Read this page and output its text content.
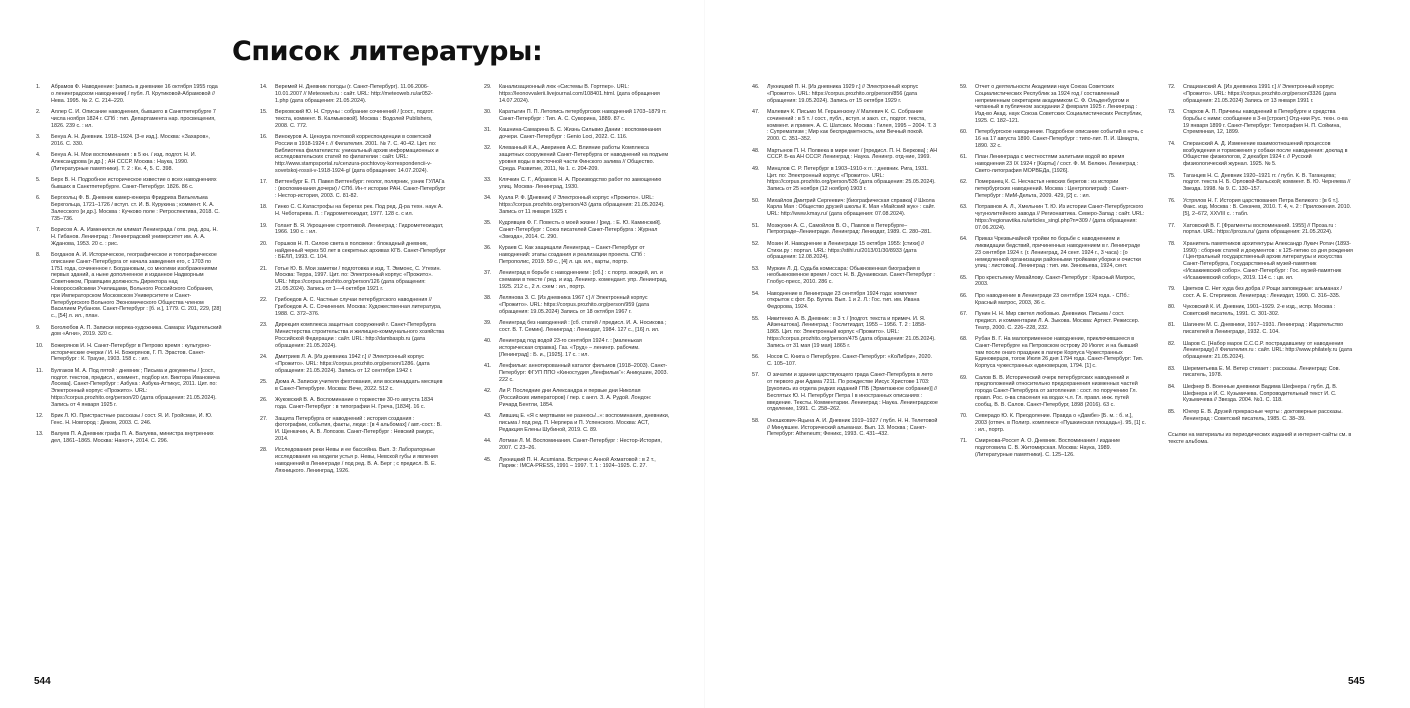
Список литературы:
1. Абрамов Ф. Наводнение: [запись в дневнике 16 октября 1955 года о ленинградском наводнении] / публ. Л. Крутиковой-Абрамовой // Нева. 1995. № 2. С. 214–220.
2. Аллер С. И. Описание наводнения, бывшего в Санктпетербурге 7 числа ноября 1824 г. СПб : тип. Департамента нар. просвещения, 1826. 239 с. : ил.
3. Бенуа А. Н. Дневник. 1918–1924. [3-е изд.]. Москва: «Захаров», 2016. С. 330.
4. Бенуа А. Н. Мои воспоминания : в 5 кн. / изд. подгот. Н. И. Александрова [и др.] ; АН СССР. Москва : Наука, 1990. (Литературные памятники). Т. 2 : Кн. 4, 5. С. 398.
5. Берх В. Н. Подробное историческое известие о всех наводнениях бывших в Санктпетербурге. Санкт-Петербург. 1826. 86 с.
6. Бергхольц Ф. В. Дневник камер-юнкера Фридриха Вильгельма Берхгольца, 1721–1726 / вступ. ст. И. В. Курукина ; коммент. К. А. Залесского [и др.]. Москва : Кучково поле : Ретроспектива, 2018. С. 735–736.
7. Борисов А. А. Изменился ли климат Ленинграда / отв. ред. доц. Н. Н. Гибанов. Ленинград : Ленинградский университет им. А. А. Жданова, 1953. 20 с. : рис.
8. Богданов А. И. Историческое, географическое и топографическое описание Санкт-Петербурга от начала заведения его, с 1703 по 1751 года, сочиненное г. Богдановым, со многими изображениями первых зданий, а ныне дополненное и изданное Надворным Советником, Правящим должность Директора над Новороссийскими Училищами, Вольного Российского Собрания, при Императорском Московском Университете и Санкт-Петербургского Вольного Экономического Общества членом Василием Рубаном. Санкт-Петербург : [б. и.], 1779. С. 201, 229, [28] с., [54] л. ил., план.
9. Боголюбов А. П. Записки моряка-художника. Самара: Издательский дом «Агни», 2019. 320 с.
10. Божерянов И. Н. Санкт-Петербург в Петрово время : культурно-исторические очерки / И. Н. Божерянов, Г. П. Эрастов. Санкт-Петербург : К. Траузе, 1903. 158 с. : ил.
11. Булгаков М. А. Под пятой : дневник ; Письма и документы / [сост., подгот. текстов, предисл., коммент., подбор ил. Виктора Ивановича Лосева]. Санкт-Петербург : Азбука : Азбука-Аттикус, 2011. Цит. по: Электронный корпус «Прожито». URL: https://corpus.prozhito.org/person/20 (дата обращения: 21.05.2024). Запись от 4 января 1925 г.
12. Брик Л. Ю. Пристрастные рассказы / сост. Я. И. Гройсман, И. Ю. Генс. Н. Новгород : Деком, 2003. С. 246.
13. Валуев П. А.Дневник графа П. А. Валуева, министра внутренних дел, 1861–1865. Москва: Нанот+, 2014. С. 296.
14. Веремей Н. Дневник погоды (г. Санкт-Петербург). 11.06.2006-10.01.2007 // Meteoweb.ru : сайт. URL: http://meteoweb.ru/ar052-1.php (дата обращения: 21.05.2024).
15. Верховский Ю. Н. Струны : собрание сочинений / [сост., подгот. текста, коммент. В. Калмыковой]. Москва : Водолей Publishers, 2008. С. 772.
16. Винокуров А. Цензура почтовой корреспонденции в советской России в 1918-1924 г. // Филателия. 2001. № 7. С. 40-42. Цит. по: Библиотека филателиста: уникальный архив информационных и исследовательских статей по филателии : сайт. URL: http://www.stampsportal.ru/cenzura-pochtovoy-korrespondencii-v-sovetskoj-rossii-v-1918-1924-g/ (дата обращения: 14.07.2024).
17. Виттенбург Е. П. Павел Виттенбург: геолог, полярник, узник ГУЛАГа : (воспоминания дочери) / СПб. Ин-т истории РАН. Санкт-Петербург : Нестор-история, 2003. С. 81-82.
18. Гинко С. С.Катастрофы на берегах рек. Под ред. Д-ра техн. наук А. Н. Чеботарева. Л. : Гидрометеоиздат, 1977. 128 с. с ил.
19. Голант В. Я. Укрощение строптивой. Ленинград : Гидрометеоиздат, 1966. 190 с. : ил.
20. Горшков Н. П. Силою света в полсвеки : блокадный дневник, найденный через 50 лет в секретных архивах КГБ. Санкт-Петербург : БЕЛЛ, 1993. С. 104.
21. Готье Ю. В. Мои заметки / подготовка и изд. Т. Эммонс, С. Утехин. Москва: Терра, 1997. Цит. по: Электронный корпус «Прожито». URL: https://corpus.prozhito.org/person/126 (дата обращения: 21.05.2024). Запись от 1—4 октября 1921 г.
22. Грибоедов А. С. Частные случаи петербургского наводнения // Грибоедов А. С. Сочинения. Москва: Художественная литература, 1988. С. 372–376.
23. Дирекция комплекса защитных сооружений г. Санкт-Петербурга Министерства строительства и жилищно-коммунального хозяйства Российской Федерации : сайт. URL: http://dambaspb.ru (дата обращения: 21.05.2024).
24. Дмитриев Л. А. [Из дневника 1942 г.] // Электронный корпус «Прожито». URL: https://corpus.prozhito.org/person/1286. (дата обращения: 21.05.2024). Запись от 12 сентября 1942 г.
25. Дюма А. Записки учителя фехтования, или восемнадцать месяцев в Санкт-Петербурге. Москва: Вече, 2022. 512 с.
26. Жуковский В. А. Воспоминание о торжестве 30-го августа 1834 года. Санкт-Петербург : в типографии Н. Греча, [1834]. 16 с.
27. Защита Петербурга от наводнений : история создания : фотографии, события, факты, люди : [в 4 альбомах] / авт.-сост.: В. И. Щенкачин, А. В. Лопозов. Санкт-Петербург : Невский ракурс, 2014.
28. Исследования реки Невы и ее бассейна. Вып. 3: Лабораторные исследования на модели устья р. Невы, Невской губы и явления наводнений в Ленинграде / под ред. В. А. Берг ; с предисл. В. Е. Ляхницкого. Ленинград, 1926.
29. Канализационный люк «Системы В. Гортпер». URL: https://leonovvalerii.livejournal.com/108401.html. (дата обращения 14.07.2024).
30. Каратыгин П. П. Летопись петербургских наводнений 1703–1879 гг. Санкт-Петербург : Тип. А. С. Суворина, 1889. 87 с.
31. Кашнина-Самарина Б. С. Жизнь Сильвио Дании : воспоминания дочери. Санкт-Петербург : Genio Loci, 2022. С. 116.
32. Клеванный К.А., Аверинев А.С. Влияние работы Комплекса защитных сооружений Санкт-Петербурга от наводнений на подъем уровня воды в восточной части Финского залива // Общество. Среда. Развитие, 2011, № 1. с. 204-209.
33. Клячкин С. Г., Абрамов Н. А. Производство работ по замощению улиц. Москва- Ленинград, 1930.
34. Кузла Р. Ф. [Дневник] // Электронный корпус «Прожито». URL: https://corpus.prozhito.org/person/43 (дата обращения: 21.05.2024). Запись от 11 января 1925 г.
35. Кудрявцев Ф. Г. Повесть о моей жизни / [ред. : Е. Ю. Каминский]. Санкт-Петербург : Союз писателей Санкт-Петербурга : Журнал «Звезда», 2014. С. 290.
36. Кураев С. Как защищали Ленинград – Санкт-Петербург от наводнений: этапы создания и реализации проекта. СПб : Петрополис, 2019. 59 с., [4] л. цв. ил., карты, портр.
37. Ленинград в борьбе с наводнением : [сб.] : с портр. вождей, ил. и схемами в тексте / ред. и изд. Ленингр. комендант. упр. Ленинград, 1925. 212 с., 2 л. схем : ил., портр.
38. Лелянова З. С. [Из дневника 1967 г.] // Электронный корпус «Прожито». URL: https://corpus.prozhito.org/person/959 (дата обращения: 19.05.2024) Запись от 18 октября 1967 г.
39. Ленинград без наводнений : [сб. статей / предисл. И. А. Носикова ; сост. В. Т. Семин]. Ленинград : Лениздат, 1984. 127 с., [16] л. ил.
40. Ленинград под водой 23-го сентября 1924 г. : [маленькая историческая справка]. Газ. «Труд» – ленингр. рабочим. [Ленинград] : Б. и., [1925]. 17 с. : ил.
41. Ленфильм: аннотированный каталог фильмов (1918–2003). Санкт-Петербург: ФГУП ППО «Киностудия „Ленфильм“»: Аникушин, 2003. 222 с.
42. Ли Р. Последние дни Александра и первые дни Николая (Российских императоров) / пер. с англ. З. А. Рудой. Лондон: Ричард Бентли, 1854.
43. Лившиц Е. «Я с мертвыми не разнюсь!..»: воспоминания, дневники, письма / под ред. П. Нерлера и П. Успенского. Москва: АСТ, Редакция Елены Шубиной, 2019. С. 89.
44. Лотман Л. М. Воспоминания. Санкт-Петербург : Нестор-История, 2007. С 23–26.
45. Лукницкий П. Н. Acumiana. Встречи с Анной Ахматовой : в 2 т., Париж : IMCA-PRESS, 1991 – 1997. Т. 1 : 1924–1925. С. 27.
46. Лукницкий П. Н. [Из дневника 1929 г.] // Электронный корпус «Прожито». URL: https://corpus.prozhito.org/person/856 (дата обращения: 19.05.2024). Запись от 15 октября 1929 г.
47. Малевич К. Письмо М. Гершензону // Малевич К. С. Собрание сочинений : в 5 т. / сост., публ., вступ. и закл. ст., подгот. текста, коммент. и примеч. А. С. Шатских. Москва : Гилея, 1995 – 2004. Т. 3 : Супрематизм ; Мир как беспредметность, или Вечный покой. 2000. С. 351–352.
48. Мартынов П. Н. Полвека в мире книг / [предисл. П. Н. Беркова] ; АН СССР. Б-ка АН СССР. Ленинград : Наука. Ленингр. отд-ние, 1969.
49. Минцлов С. Р. Петербург в 1903–1910-х гг. : дневник. Рига, 1931. Цит. по: Электронный корпус «Прожито». URL: https://corpus.prozhito.org/person/535 (дата обращения: 25.05.2024). Запись от 25 ноября (12 ноября) 1903 г.
50. Михайлов Дмитрий Сергеевич: [биографическая справка] // Школа Карла Мая : Общество друзей школы К. Мая «Майский жук» : сайт. URL: http://www.kmay.ru/ (дата обращения: 07.08.2024).
51. Мозжухин А. С., Самойлов В. О., Павлов в Петербурге–Петрограде–Ленинграде. Ленинград: Лениздат, 1989. С. 280–281.
52. Мозин И. Наводнение в Ленинграде 15 октября 1955: [стихи] // Стихи.ру : портал. URL: https://stihi.ru/2013/01/30/8933 (дата обращения: 12.08.2024).
53. Муркин Л. Д. Судьба комиссара: Обыкновенная биография в необыкновенное время / сост. Н. В. Дунаевская. Санкт-Петербург : Глобус-пресс, 2010. 286 с.
54. Наводнение в Ленинграде 23 сентября 1924 года: комплект открыток с фот. Бр. Булла. Вып. 1 и 2. Л.: Гос. тип. им. Ивана Федорова, 1924.
55. Никитенко А. В. Дневник : в 3 т. / [подгот. текста и примеч. И. Я. Айзенштока]. Ленинград : Гослитиздат, 1955 – 1956. Т. 2 : 1858-1865. Цит. по: Электронный корпус «Прожито». URL: https://corpus.prozhito.org/person/475 (дата обращения: 21.05.2024). Запись от 31 мая (19 мая) 1865 г.
56. Носов С. Книга о Петербурге. Санкт-Петербург: «КоЛибри», 2020. С. 105–107.
57. О зачатии и здании царствующего града Санкт-Петербурга в лето от первого дни Адама 7211. По рождестве Иисус Христове 1703: [рукопись из отдела редких изданий ГПБ (Эрмитажное собрание)] // Беспятых Ю. Н. Петербург Петра I в иностранных описаниях : введение. Тексты. Комментарии. Ленинград : Наука. Ленинградское отделение, 1991. С. 258–262.
58. Оношкович-Яцына А. И. Дневник 1919–1927 / публ. Н. Н. Телетовой // Минувшее. Исторический альманах. Вып. 13. Москва ; Санкт-Петербург: Atheneum; Феникс, 1993. С. 431–432.
59. Отчет о деятельности Академии наук Союза Советских Социалистических Республик за 1924 год / составленный непременным секретарем академиком С. Ф. Ольденбургом и читанный в публичном заседании 2 февраля 1925 г. Ленинград : Изд-во Акад. наук Союза Советских Социалистических Республик, 1925. С. 182–121.
60. Петербургское наводнение. Подробное описание событий в ночь с 16 на 17 августа 1890. Санкт-Петербург : типо-лит. П. И. Шмидта, 1890. 32 с.
61. План Ленинграда с местностями залитыми водой во время наводнения 23 IX 1924 г [Карты] / сост. Ф. М. Белкин. Ленинград : Свето-литография МОРВЕДа, [1926].
62. Померанец К. С. Несчастья невских берегов : из истории петербургских наводнений. Москва : Центрполиграф : Санкт-Петербург : МиМ-Дельта, 2009. 429, [2] с. : ил.
63. Потравнов А. Л., Хмельнин Т. Ю. Из истории Санкт-Петербургского чугунолитейного завода // Регионавтика. Северо-Запад : сайт. URL: https://regionavtika.ru/articles_singl.php?n=309 / (дата обращения: 07.06.2024).
64. Приказ Чрезвычайной тройки по борьбе с наводнением и ликвидации бедствий, причиненных наводнением в г. Ленинграде 23 сентября 1924 г. (г. Ленинград, 24 сент. 1924 г., 3 часа) : [о немедленной организации районными тройками уборки и очистки улиц : листовка]. Ленинград : тип. им. Зиновьева, 1924, сент.
65. Про крестьянку Михайлову. Санкт-Петербург : Красный Матрос, 2003.
66. Про наводнение в Ленинграде 23 сентября 1924 года. - СПб.: Красный матрос, 2003, 36 с.
67. Пунин Н. Н. Мир светел любовью. Дневники. Письма / сост. предисл. и комментарии Л. А. Зыкова. Москва: Артист. Режиссер. Театр, 2000. С. 226–228, 232.
68. Рубан В. Г. На малоприменное наводнение, приключившееся в Санкт-Петербурге на Петровском острову 20 Июля: и на бывший там после онаго праздник в лагере Корпуса Чужестранных Единоверцов, тогож Июля 26 дня 1794 года. Санкт-Петербург: Тип. Корпуса чужестранных единоверцов, 1794. [1] с.
69. Салов В. В. Исторический очерк петербургских наводнений и предположений относительно предохранения низменных частей города Санкт-Петербурга от затопления : сост. по поручению Гл. правл. Рос. о-ва спасения на водах ч.л. Гл. правл. инж. путей сообщ. В. В. Салов. Санкт-Петербург, 1898 (2016). 63 с.
70. Северадо Ю. К. Преодоление. Правда о «Дамбе» [Б. м. : б. и.], 2003 (отпеч. в Полигр. комплексе «Пушкинская площадь»). 95, [1] с. : ил., портр.
71. Смирнова-Россет А. О. Дневник. Воспоминания / издание подготовила С. В. Житомирская. Москва: Наука, 1989. (Литературные памятники). С. 125–126.
72. Спацианский А. [Из дневника 1991 г.] // Электронный корпус «Прожито». URL: https://corpus.prozhito.org/person/3326 (дата обращения: 21.05.2024) Запись от 13 января 1991 г.
73. Старков А. П. Причины наводнений в Петербурге и средства борьбы с ними: сообщение в 3-м [строит.] Отд-нии Рус. техн. о-ва 19 января 1899 г. Санкт-Петербург: Типография Н. П. Сойкина, Стремянная, 12, 1899.
74. Сперанский А. Д. Изменение взаимоотношений процессов возбуждения и торможения у собаки после наводнения: доклад в Обществе физиологов, 2 декабря 1924 г. // Русский физиологический журнал. 1925. № 5.
75. Таганцев Н. С. Дневник 1920–1921 гг. / публ. К. В. Таганцева; подгот. текста Н. Б. Орловой-Вальской; коммент. В. Ю. Черняева // Звезда. 1998. № 9. С. 130–157.
76. Устрялов Н. Г. История царствования Петра Великого : [в 6 т.]. Факс. изд. Москва : В. Секачев, 2010. Т. 4, ч. 2 : Приложения. 2010. [5], 2–672, XXVIII с. : табл.
77. Хатовский В. Г. [Фрагменты воспоминаний. 1955] // Проза.ru : портал. URL: https://proza.ru/ (дата обращения: 21.05.2024).
78. Хранитель памятников архитектуры Александр Лукич Ротач (1893-1990) : сборник статей и документов : к 125-летию со дня рождения / Центральный государственный архив литературы и искусства Санкт-Петербурга, Государственный музей-памятник «Исаакиевский собор». Санкт-Петербург : Гос. музей-памятник «Исаакиевский собор», 2019. 114 с. : цв. ил.
79. Цветков С. Нет худа без добра // Рощи заповедные: альманах / сост. А. Е. Стерликов. Ленинград : Лениздат, 1990. С. 316–335.
80. Чуковский К. И. Дневник, 1901–1929. 2-е изд., испр. Москва : Советский писатель, 1991. С. 301-302.
81. Шагинян М. С. Дневники, 1917–1931. Ленинград : Издательство писателей в Ленинграде, 1932. С. 104.
82. Шаров С. [Набор марок С.С.С.Р. пострадавшему от наводнения Ленинграду] // Филателия.ru : сайт. URL: http://www.philately.ru (дата обращения: 21.05.2024).
83. Шереметьева Е. М. Ветер стихает : рассказы. Ленинград: Сов. писатель, 1978.
84. Шефнер В. Военные дневники Вадима Шефнера / публ. Д. В. Шефнера и И. С. Кузьмичева. Сопроводительный текст И. С. Кузьмичева // Звезда. 2004. №1. С. 118.
85. Юнгер Е. В. Друзей прекрасные черты : доктоверные рассказы. Ленинград : Советский писатель, 1985. С. 38–39.

Ссылки на материалы из периодических изданий и интернет-сайты см. в тексте альбома.

544	545
